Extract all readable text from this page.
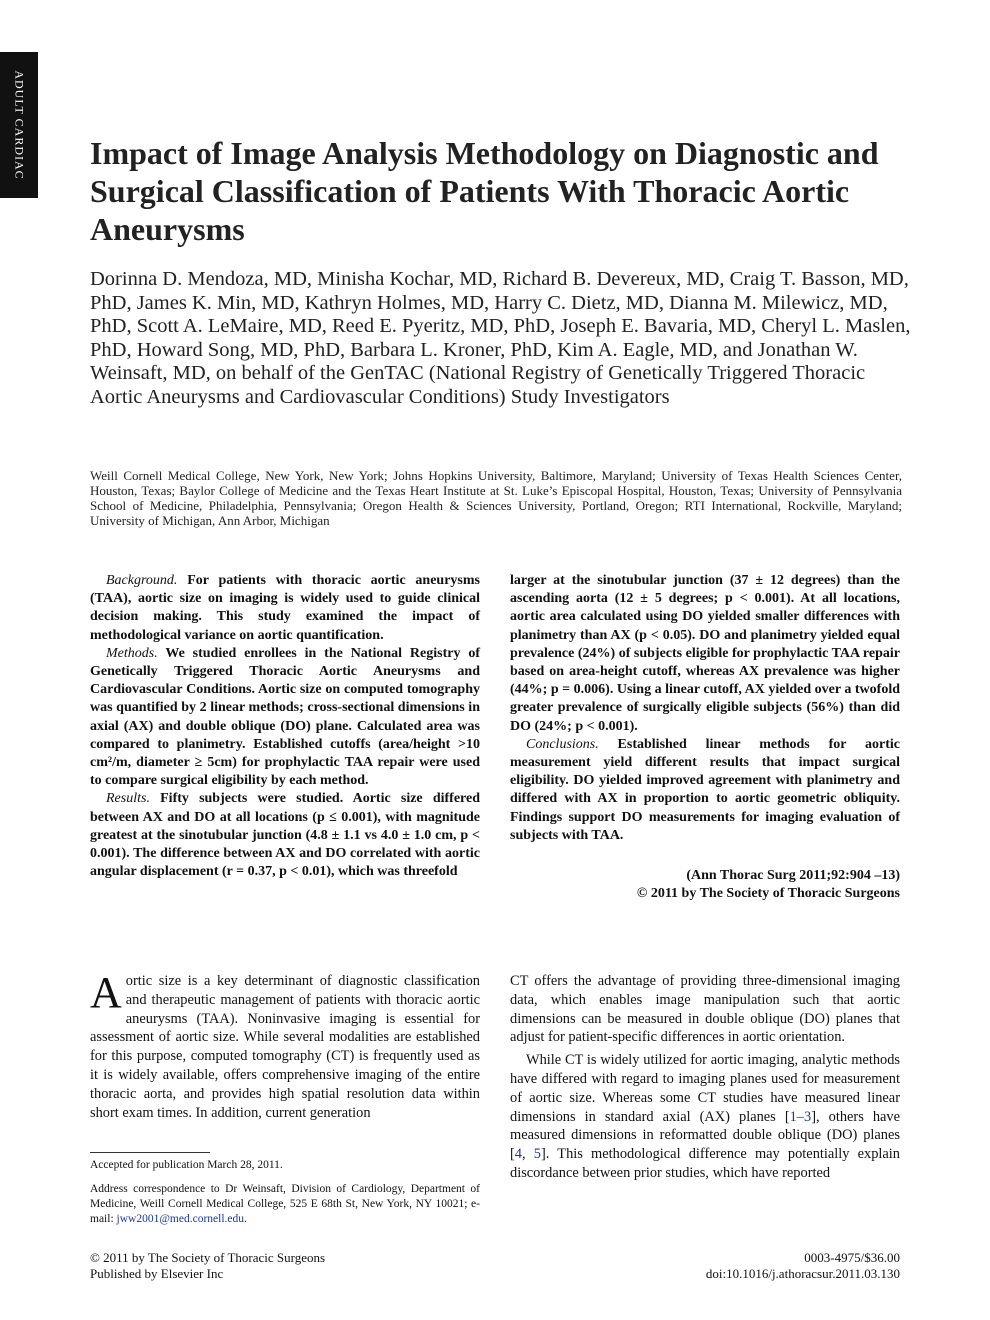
ADULT CARDIAC Impact of Image Analysis Methodology on Diagnostic and Surgical Classification of Patients With Thoracic Aortic Aneurysms

Dorinna D. Mendoza, MD, Minisha Kochar, MD, Richard B. Devereux, MD, Craig T. Basson, MD, PhD, James K. Min, MD, Kathryn Holmes, MD, Harry C. Dietz, MD, Dianna M. Milewicz, MD, PhD, Scott A. LeMaire, MD, Reed E. Pyeritz, MD, PhD, Joseph E. Bavaria, MD, Cheryl L. Maslen, PhD, Howard Song, MD, PhD, Barbara L. Kroner, PhD, Kim A. Eagle, MD, and Jonathan W. Weinsaft, MD, on behalf of the GenTAC (National Registry of Genetically Triggered Thoracic Aortic Aneurysms and Cardiovascular Conditions) Study Investigators

Weill Cornell Medical College, New York, New York; Johns Hopkins University, Baltimore, Maryland; University of Texas Health Sciences Center, Houston, Texas; Baylor College of Medicine and the Texas Heart Institute at St. Luke’s Episcopal Hospital, Houston, Texas; University of Pennsylvania School of Medicine, Philadelphia, Pennsylvania; Oregon Health & Sciences University, Portland, Oregon; RTI International, Rockville, Maryland; University of Michigan, Ann Arbor, Michigan

Background. For patients with thoracic aortic aneurysms (TAA), aortic size on imaging is widely used to guide clinical decision making. This study examined the impact of methodological variance on aortic quantification.

Methods. We studied enrollees in the National Registry of Genetically Triggered Thoracic Aortic Aneurysms and Cardiovascular Conditions. Aortic size on computed tomography was quantified by 2 linear methods; cross-sectional dimensions in axial (AX) and double oblique (DO) plane. Calculated area was compared to planimetry. Established cutoffs (area/height >10 cm²/m, diameter ≥ 5cm) for prophylactic TAA repair were used to compare surgical eligibility by each method.

Results. Fifty subjects were studied. Aortic size differed between AX and DO at all locations (p ≤ 0.001), with magnitude greatest at the sinotubular junction (4.8 ± 1.1 vs 4.0 ± 1.0 cm, p < 0.001). The difference between AX and DO correlated with aortic angular displacement (r = 0.37, p < 0.01), which was threefold

larger at the sinotubular junction (37 ± 12 degrees) than the ascending aorta (12 ± 5 degrees; p < 0.001). At all locations, aortic area calculated using DO yielded smaller differences with planimetry than AX (p < 0.05). DO and planimetry yielded equal prevalence (24%) of subjects eligible for prophylactic TAA repair based on area-height cutoff, whereas AX prevalence was higher (44%; p = 0.006). Using a linear cutoff, AX yielded over a twofold greater prevalence of surgically eligible subjects (56%) than did DO (24%; p < 0.001).

Conclusions. Established linear methods for aortic measurement yield different results that impact surgical eligibility. DO yielded improved agreement with planimetry and differed with AX in proportion to aortic geometric obliquity. Findings support DO measurements for imaging evaluation of subjects with TAA.

(Ann Thorac Surg 2011;92:904 –13)

© 2011 by The Society of Thoracic Surgeons

Aortic size is a key determinant of diagnostic classification and therapeutic management of patients with thoracic aortic aneurysms (TAA). Noninvasive imaging is essential for assessment of aortic size. While several modalities are established for this purpose, computed tomography (CT) is frequently used as it is widely available, offers comprehensive imaging of the entire thoracic aorta, and provides high spatial resolution data within short exam times. In addition, current generation

CT offers the advantage of providing three-dimensional imaging data, which enables image manipulation such that aortic dimensions can be measured in double oblique (DO) planes that adjust for patient-specific differences in aortic orientation.

While CT is widely utilized for aortic imaging, analytic methods have differed with regard to imaging planes used for measurement of aortic size. Whereas some CT studies have measured linear dimensions in standard axial (AX) planes [1–3], others have measured dimensions in reformatted double oblique (DO) planes [4, 5]. This methodological difference may potentially explain discordance between prior studies, which have reported

Accepted for publication March 28, 2011.

Address correspondence to Dr Weinsaft, Division of Cardiology, Department of Medicine, Weill Cornell Medical College, 525 E 68th St, New York, NY 10021; e-mail: jww2001@med.cornell.edu.

© 2011 by The Society of Thoracic Surgeons

Published by Elsevier Inc

0003-4975/$36.00

doi:10.1016/j.athoracsur.2011.03.130
